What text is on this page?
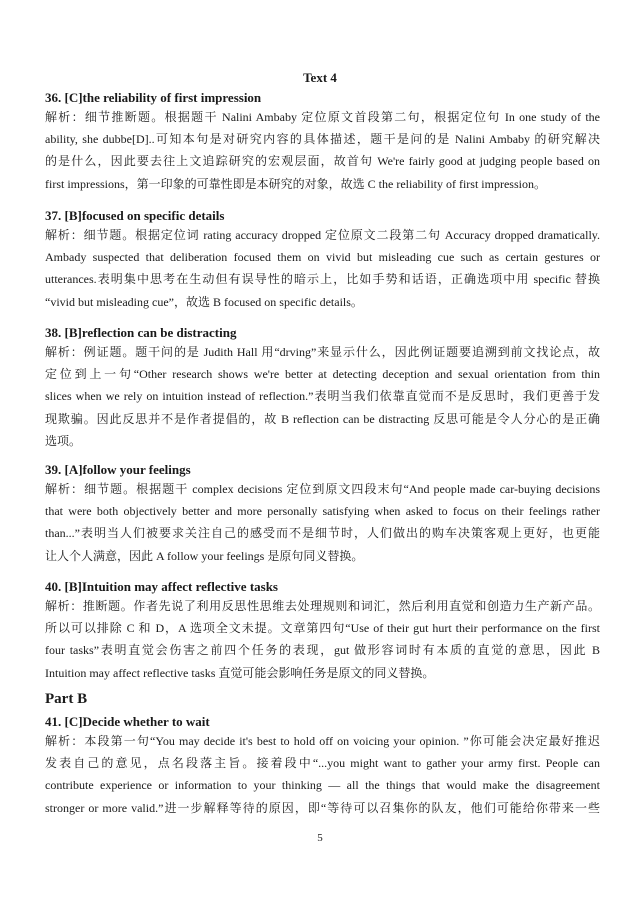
Text 4
36. [C]the reliability of first impression
解析：细节推断题。根据题干 Nalini Ambaby 定位原文首段第二句，根据定位句 In one study of the
ability, she dubbe[D]..可知本句是对研究内容的具体描述，题干是问的是 Nalini Ambaby 的研究解决
的是什么，因此要去往上文追踪研究的宏观层面，故首句 We're fairly good at judging people based on
first impressions，第一印象的可靠性即是本研究的对象，故选 C the reliability of first impression。
37. [B]focused on specific details
解析：细节题。根据定位词 rating accuracy dropped 定位原文二段第二句 Accuracy dropped dramatically.
Ambady suspected that deliberation focused them on vivid but misleading cue such as certain gestures or
utterances.表明集中思考在生动但有误导性的暗示上，比如手势和话语，正确选项中用 specific 替换
“vivid but misleading cue”，故选 B focused on specific details。
38. [B]reflection can be distracting
解析：例证题。题干问的是 Judith Hall 用“drving”来显示什么，因此例证题要追溯到前文找论点，故
定位到上一句“Other research shows we're better at detecting deception and sexual orientation from thin
slices when we rely on intuition instead of reflection.”表明当我们依靠直觉而不是反思时，我们更善于发
现欺骗。因此反思并不是作者提倡的，故 B reflection can be distracting 反思可能是令人分心的是正确
选项。
39. [A]follow your feelings
解析：细节题。根据题干 complex decisions 定位到原文四段末句“And people made car-buying decisions
that were both objectively better and more personally satisfying when asked to focus on their feelings rather
than...”表明当人们被要求关注自己的感受而不是细节时，人们做出的购车决策客观上更好，也更能
让人个人满意，因此 A follow your feelings 是原句同义替换。
40. [B]Intuition may affect reflective tasks
解析：推断题。作者先说了利用反思性思维去处理规则和词汇，然后利用直觉和创造力生产新产品。
所以可以排除 C 和 D，A 选项全文未提。文章第四句“Use of their gut hurt their performance on the first
four tasks”表明直觉会伤害之前四个任务的表现，gut 做形容词时有本质的直觉的意思，因此 B
Intuition may affect reflective tasks 直觉可能会影响任务是原文的同义替换。
Part B
41. [C]Decide whether to wait
解析：本段第一句“You may decide it's best to hold off on voicing your opinion. ”你可能会决定最好推迟
发表自己的意见，点名段落主旨。接着段中“...you might want to gather your army first. People can
contribute experience or information to your thinking — all the things that would make the disagreement
stronger or more valid.”进一步解释等待的原因，即“等待可以召集你的队友，他们可能给你带来一些
5
